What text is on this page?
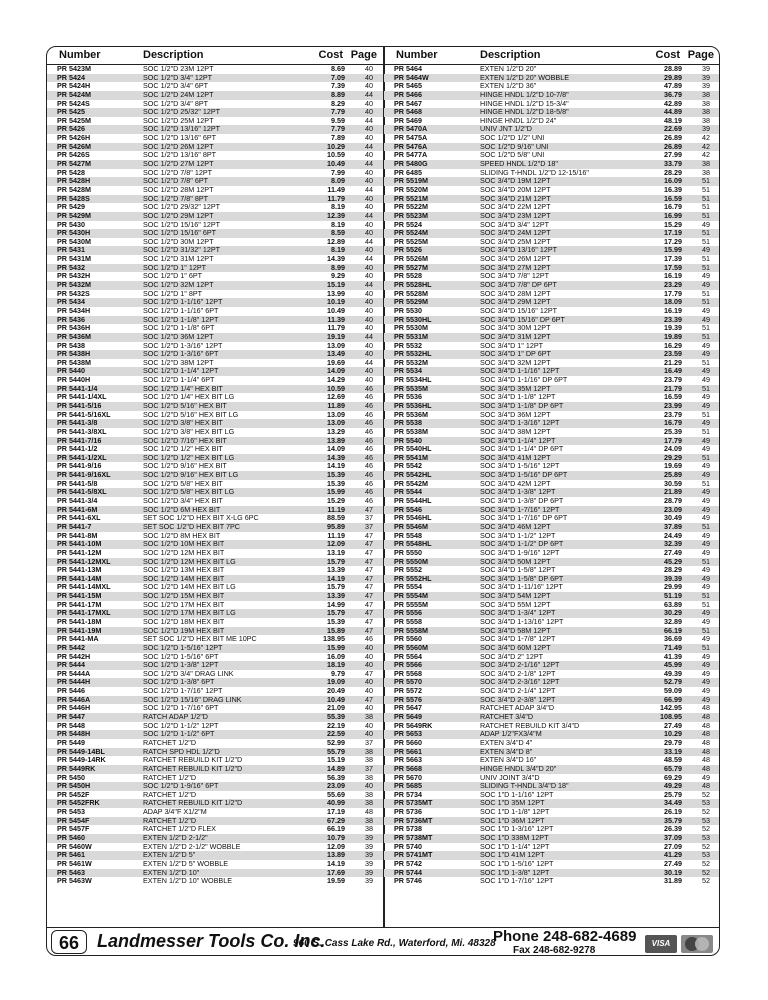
Number	Description	Cost Page
PR 5423M	SOC 1/2"D 23M 12PT	8.69	40
PR 5424	SOC 1/2"D 3/4" 12PT	7.09	40
PR 5424H	SOC 1/2"D 3/4" 6PT	7.39	40
PR 5424M	SOC 1/2"D 24M 12PT	8.89	44
PR 5424S	SOC 1/2"D 3/4" 8PT	8.29	40
PR 5425	SOC 1/2"D 25/32" 12PT	7.79	40
PR 5425M	SOC 1/2"D 25M 12PT	9.59	44
PR 5426	SOC 1/2"D 13/16" 12PT	7.79	40
PR 5426H	SOC 1/2"D 13/16" 6PT	7.89	40
PR 5426M	SOC 1/2"D 26M 12PT	10.29	44
PR 5426S	SOC 1/2"D 13/16" 8PT	10.59	40
PR 5427M	SOC 1/2"D 27M 12PT	10.49	44
PR 5428	SOC 1/2"D 7/8" 12PT	7.99	40
PR 5428H	SOC 1/2"D 7/8" 6PT	8.09	40
PR 5428M	SOC 1/2"D 28M 12PT	11.49	44
PR 5428S	SOC 1/2"D 7/8" 8PT	11.79	40
PR 5429	SOC 1/2"D 29/32" 12PT	8.19	40
PR 5429M	SOC 1/2"D 29M 12PT	12.39	44
PR 5430	SOC 1/2"D 15/16" 12PT	8.19	40
PR 5430H	SOC 1/2"D 15/16" 6PT	8.59	40
PR 5430M	SOC 1/2"D 30M 12PT	12.89	44
PR 5431	SOC 1/2"D 31/32" 12PT	8.19	40
PR 5431M	SOC 1/2"D 31M 12PT	14.39	44
PR 5432	SOC 1/2"D 1" 12PT	8.99	40
PR 5432H	SOC 1/2"D 1" 6PT	9.29	40
PR 5432M	SOC 1/2"D 32M 12PT	15.19	44
PR 5432S	SOC 1/2"D 1" 8PT	13.99	40
PR 5434	SOC 1/2"D 1-1/16" 12PT	10.19	40
PR 5434H	SOC 1/2"D 1-1/16" 6PT	10.49	40
PR 5436	SOC 1/2"D 1-1/8" 12PT	11.39	40
PR 5436H	SOC 1/2"D 1-1/8" 6PT	11.79	40
PR 5436M	SOC 1/2"D 36M 12PT	19.19	44
PR 5438	SOC 1/2"D 1-3/16" 12PT	13.09	40
PR 5438H	SOC 1/2"D 1-3/16" 6PT	13.49	40
PR 5438M	SOC 1/2"D 38M 12PT	19.69	44
PR 5440	SOC 1/2"D 1-1/4" 12PT	14.09	40
PR 5440H	SOC 1/2"D 1-1/4" 6PT	14.29	40
PR 5441-1/4	SOC 1/2"D 1/4" HEX BIT	10.59	46
PR 5441-1/4XL	SOC 1/2"D 1/4" HEX BIT LG	12.69	46
PR 5441-5/16	SOC 1/2"D 5/16" HEX BIT	11.89	46
PR 5441-5/16XL	SOC 1/2"D 5/16" HEX BIT LG	13.09	46
PR 5441-3/8	SOC 1/2"D 3/8" HEX BIT	13.09	46
PR 5441-3/8XL	SOC 1/2"D 3/8" HEX BIT LG	13.29	46
PR 5441-7/16	SOC 1/2"D 7/16" HEX BIT	13.89	46
PR 5441-1/2	SOC 1/2"D 1/2" HEX BIT	14.09	46
PR 5441-1/2XL	SOC 1/2"D 1/2" HEX BIT LG	14.39	46
PR 5441-9/16	SOC 1/2"D 9/16" HEX BIT	14.19	46
PR 5441-9/16XL	SOC 1/2"D 9/16" HEX BIT LG	15.39	46
PR 5441-5/8	SOC 1/2"D 5/8" HEX BIT	15.39	46
PR 5441-5/8XL	SOC 1/2"D 5/8" HEX BIT LG	15.99	46
PR 5441-3/4	SOC 1/2"D 3/4" HEX BIT	15.29	46
PR 5441-6M	SOC 1/2"D 6M HEX BIT	11.19	47
PR 5441-6XL	SET SOC 1/2"D HEX BIT X-LG 6PC	88.59	37
PR 5441-7	SET SOC 1/2"D HEX BIT 7PC	95.89	37
PR 5441-8M	SOC 1/2"D 8M HEX BIT	11.19	47
PR 5441-10M	SOC 1/2"D 10M HEX BIT	12.09	47
PR 5441-12M	SOC 1/2"D 12M HEX BIT	13.19	47
PR 5441-12MXL	SOC 1/2"D 12M HEX BIT LG	15.79	47
PR 5441-13M	SOC 1/2"D 13M HEX BIT	13.39	47
PR 5441-14M	SOC 1/2"D 14M HEX BIT	14.19	47
PR 5441-14MXL	SOC 1/2"D 14M HEX BIT LG	15.79	47
PR 5441-15M	SOC 1/2"D 15M HEX BIT	13.39	47
PR 5441-17M	SOC 1/2"D 17M HEX BIT	14.99	47
PR 5441-17MXL	SOC 1/2"D 17M HEX BIT LG	15.79	47
PR 5441-18M	SOC 1/2"D 18M HEX BIT	15.39	47
PR 5441-19M	SOC 1/2"D 19M HEX BIT	15.89	47
PR 5441-MA	SET SOC 1/2"D HEX BIT ME 10PC	138.95	46
PR 5442	SOC 1/2"D 1-5/16" 12PT	15.99	40
PR 5442H	SOC 1/2"D 1-5/16" 6PT	16.09	40
PR 5444	SOC 1/2"D 1-3/8" 12PT	18.19	40
PR 5444A	SOC 1/2"D 3/4" DRAG LINK	9.79	47
PR 5444H	SOC 1/2"D 1-3/8" 6PT	19.09	40
PR 5446	SOC 1/2"D 1-7/16" 12PT	20.49	40
PR 5446A	SOC 1/2"D 15/16" DRAG LINK	10.49	47
PR 5446H	SOC 1/2"D 1-7/16" 6PT	21.09	40
PR 5447	RATCH ADAP 1/2"D	55.39	38
PR 5448	SOC 1/2"D 1-1/2" 12PT	22.19	40
PR 5448H	SOC 1/2"D 1-1/2" 6PT	22.59	40
PR 5449	RATCHET 1/2"D	52.99	37
PR 5449-14BL	RATCH SPD HDL 1/2"D	55.79	38
PR 5449-14RK	RATCHET REBUILD KIT 1/2"D	15.19	38
PR 5449RK	RATCHET REBUILD KIT 1/2"D	14.89	37
PR 5450	RATCHET 1/2"D	56.39	38
PR 5450H	SOC 1/2"D 1-9/16" 6PT	23.09	40
PR 5452F	RATCHET 1/2"D	55.69	38
PR 5452FRK	RATCHET REBUILD KIT 1/2"D	40.99	38
PR 5453	ADAP 3/4"F X1/2"M	17.19	48
PR 5454F	RATCHET 1/2"D	67.29	38
PR 5457F	RATCHET 1/2"D FLEX	66.19	38
PR 5460	EXTEN 1/2"D 2-1/2"	10.79	39
PR 5460W	EXTEN 1/2"D 2-1/2" WOBBLE	12.09	39
PR 5461	EXTEN 1/2"D 5"	13.89	39
PR 5461W	EXTEN 1/2"D 5" WOBBLE	14.19	39
PR 5463	EXTEN 1/2"D 10"	17.69	39
PR 5463W	EXTEN 1/2"D 10" WOBBLE	19.59	39
Number	Description	Cost Page
PR 5464	EXTEN 1/2"D 20"	28.89	39
PR 5464W	EXTEN 1/2"D 20" WOBBLE	29.89	39
PR 5465	EXTEN 1/2"D 36"	47.89	39
PR 5466	HINGE HNDL 1/2"D 10-7/8"	36.79	38
PR 5467	HINGE HNDL 1/2"D 15-3/4"	42.89	38
PR 5468	HINGE HNDL 1/2"D 18-5/8"	44.89	38
PR 5469	HINGE HNDL 1/2"D 24"	48.19	38
PR 5470A	UNIV JNT 1/2"D	22.69	39
PR 5475A	SOC 1/2"D 1/2" UNI	26.89	42
PR 5476A	SOC 1/2"D 9/16" UNI	26.89	42
PR 5477A	SOC 1/2"D 5/8" UNI	27.99	42
PR 5480G	SPEED HNDL 1/2"D 18"	33.79	38
PR 6485	SLIDING T-HNDL 1/2"D 12-15/16"	28.29	38
PR 5519M	SOC 3/4"D 19M 12PT	16.09	51
PR 5520M	SOC 3/4"D 20M 12PT	16.39	51
PR 5521M	SOC 3/4"D 21M 12PT	16.59	51
PR 5522M	SOC 3/4"D 22M 12PT	16.79	51
PR 5523M	SOC 3/4"D 23M 12PT	16.99	51
PR 5524	SOC 3/4"D 3/4" 12PT	15.29	49
PR 5524M	SOC 3/4"D 24M 12PT	17.19	51
PR 5525M	SOC 3/4"D 25M 12PT	17.29	51
PR 5526	SOC 3/4"D 13/16" 12PT	15.99	49
PR 5526M	SOC 3/4"D 26M 12PT	17.39	51
PR 5527M	SOC 3/4"D 27M 12PT	17.59	51
PR 5528	SOC 3/4"D 7/8" 12PT	16.19	49
PR 5528HL	SOC 3/4"D 7/8" DP 6PT	23.29	49
PR 5528M	SOC 3/4"D 28M 12PT	17.79	51
PR 5529M	SOC 3/4"D 29M 12PT	18.09	51
PR 5530	SOC 3/4"D 15/16" 12PT	16.19	49
PR 5530HL	SOC 3/4"D 15/16" DP 6PT	23.39	49
PR 5530M	SOC 3/4"D 30M 12PT	19.39	51
PR 5531M	SOC 3/4"D 31M 12PT	19.89	51
PR 5532	SOC 3/4"D 1" 12PT	16.29	49
PR 5532HL	SOC 3/4"D 1" DP 6PT	23.59	49
PR 5532M	SOC 3/4"D 32M 12PT	21.29	51
PR 5534	SOC 3/4"D 1-1/16" 12PT	16.49	49
PR 5534HL	SOC 3/4"D 1-1/16" DP 6PT	23.79	49
PR 5535M	SOC 3/4"D 35M 12PT	21.79	51
PR 5536	SOC 3/4"D 1-1/8" 12PT	16.59	49
PR 5536HL	SOC 3/4"D 1-1/8" DP 6PT	23.99	49
PR 5536M	SOC 3/4"D 36M 12PT	23.79	51
PR 5538	SOC 3/4"D 1-3/16" 12PT	16.79	49
PR 5538M	SOC 3/4"D 38M 12PT	25.39	51
PR 5540	SOC 3/4"D 1-1/4" 12PT	17.79	49
PR 5540HL	SOC 3/4"D 1-1/4" DP 6PT	24.09	49
PR 5541M	SOC 3/4"D 41M 12PT	29.29	51
PR 5542	SOC 3/4"D 1-5/16" 12PT	19.69	49
PR 5542HL	SOC 3/4"D 1-5/16" DP 6PT	25.89	49
PR 5542M	SOC 3/4"D 42M 12PT	30.59	51
PR 5544	SOC 3/4"D 1-3/8" 12PT	21.89	49
PR 5544HL	SOC 3/4"D 1-3/8" DP 6PT	28.79	49
PR 5546	SOC 3/4"D 1-7/16" 12PT	23.09	49
PR 5546HL	SOC 3/4"D 1-7/16" DP 6PT	30.49	49
PR 5546M	SOC 3/4"D 46M 12PT	37.89	51
PR 5548	SOC 3/4"D 1-1/2" 12PT	24.49	49
PR 5548HL	SOC 3/4"D 1-1/2" DP 6PT	32.39	49
PR 5550	SOC 3/4"D 1-9/16" 12PT	27.49	49
PR 5550M	SOC 3/4"D 50M 12PT	45.29	51
PR 5552	SOC 3/4"D 1-5/8" 12PT	28.29	49
PR 5552HL	SOC 3/4"D 1-5/8" DP 6PT	39.39	49
PR 5554	SOC 3/4"D 1-11/16" 12PT	29.99	49
PR 5554M	SOC 3/4"D 54M 12PT	51.19	51
PR 5555M	SOC 3/4"D 55M 12PT	63.89	51
PR 5556	SOC 3/4"D 1-3/4" 12PT	30.29	49
PR 5558	SOC 3/4"D 1-13/16" 12PT	32.89	49
PR 5558M	SOC 3/4"D 58M 12PT	66.19	51
PR 5560	SOC 3/4"D 1-7/8" 12PT	36.69	49
PR 5560M	SOC 3/4"D 60M 12PT	71.49	51
PR 5564	SOC 3/4"D 2" 12PT	41.39	49
PR 5566	SOC 3/4"D 2-1/16" 12PT	45.99	49
PR 5568	SOC 3/4"D 2-1/8" 12PT	49.39	49
PR 5570	SOC 3/4"D 2-3/16" 12PT	52.79	49
PR 5572	SOC 3/4"D 2-1/4" 12PT	59.09	49
PR 5576	SOC 3/4"D 2-3/8" 12PT	66.99	49
PR 5647	RATCHET ADAP 3/4"D	142.95	48
PR 5649	RATCHET 3/4"D	108.95	48
PR 5649RK	RATCHET REBUILD KIT 3/4"D	27.49	48
PR 5653	ADAP 1/2"FX3/4"M	10.29	48
PR 5660	EXTEN 3/4"D 4"	29.79	48
PR 5661	EXTEN 3/4"D 8"	33.19	48
PR 5663	EXTEN 3/4"D 16"	48.59	48
PR 5668	HINGE HNDL 3/4"D 20"	65.79	48
PR 5670	UNIV JOINT 3/4"D	69.29	49
PR 5685	SLIDING T-HNDL 3/4"D 18"	49.29	48
PR 5734	SOC 1"D 1-1/16" 12PT	25.79	52
PR 5735MT	SOC 1"D 35M 12PT	34.49	53
PR 5736	SOC 1"D 1-1/8" 12PT	26.19	52
PR 5736MT	SOC 1"D 36M 12PT	35.79	53
PR 5738	SOC 1"D 1-3/16" 12PT	26.39	52
PR 5738MT	SOC 1"D 338M 12PT	37.09	53
PR 5740	SOC 1"D 1-1/4" 12PT	27.09	52
PR 5741MT	SOC 1"D 41M 12PT	41.29	53
PR 5742	SOC 1"D 1-5/16" 12PT	27.49	52
PR 5744	SOC 1"D 1-3/8" 12PT	30.19	52
PR 5746	SOC 1"D 1-7/16" 12PT	31.89	52
66 Landmesser Tools Co. Inc.
960 S. Cass Lake Rd., Waterford, Mi. 48328
Phone 248-682-4689
Fax 248-682-9278
VISA
